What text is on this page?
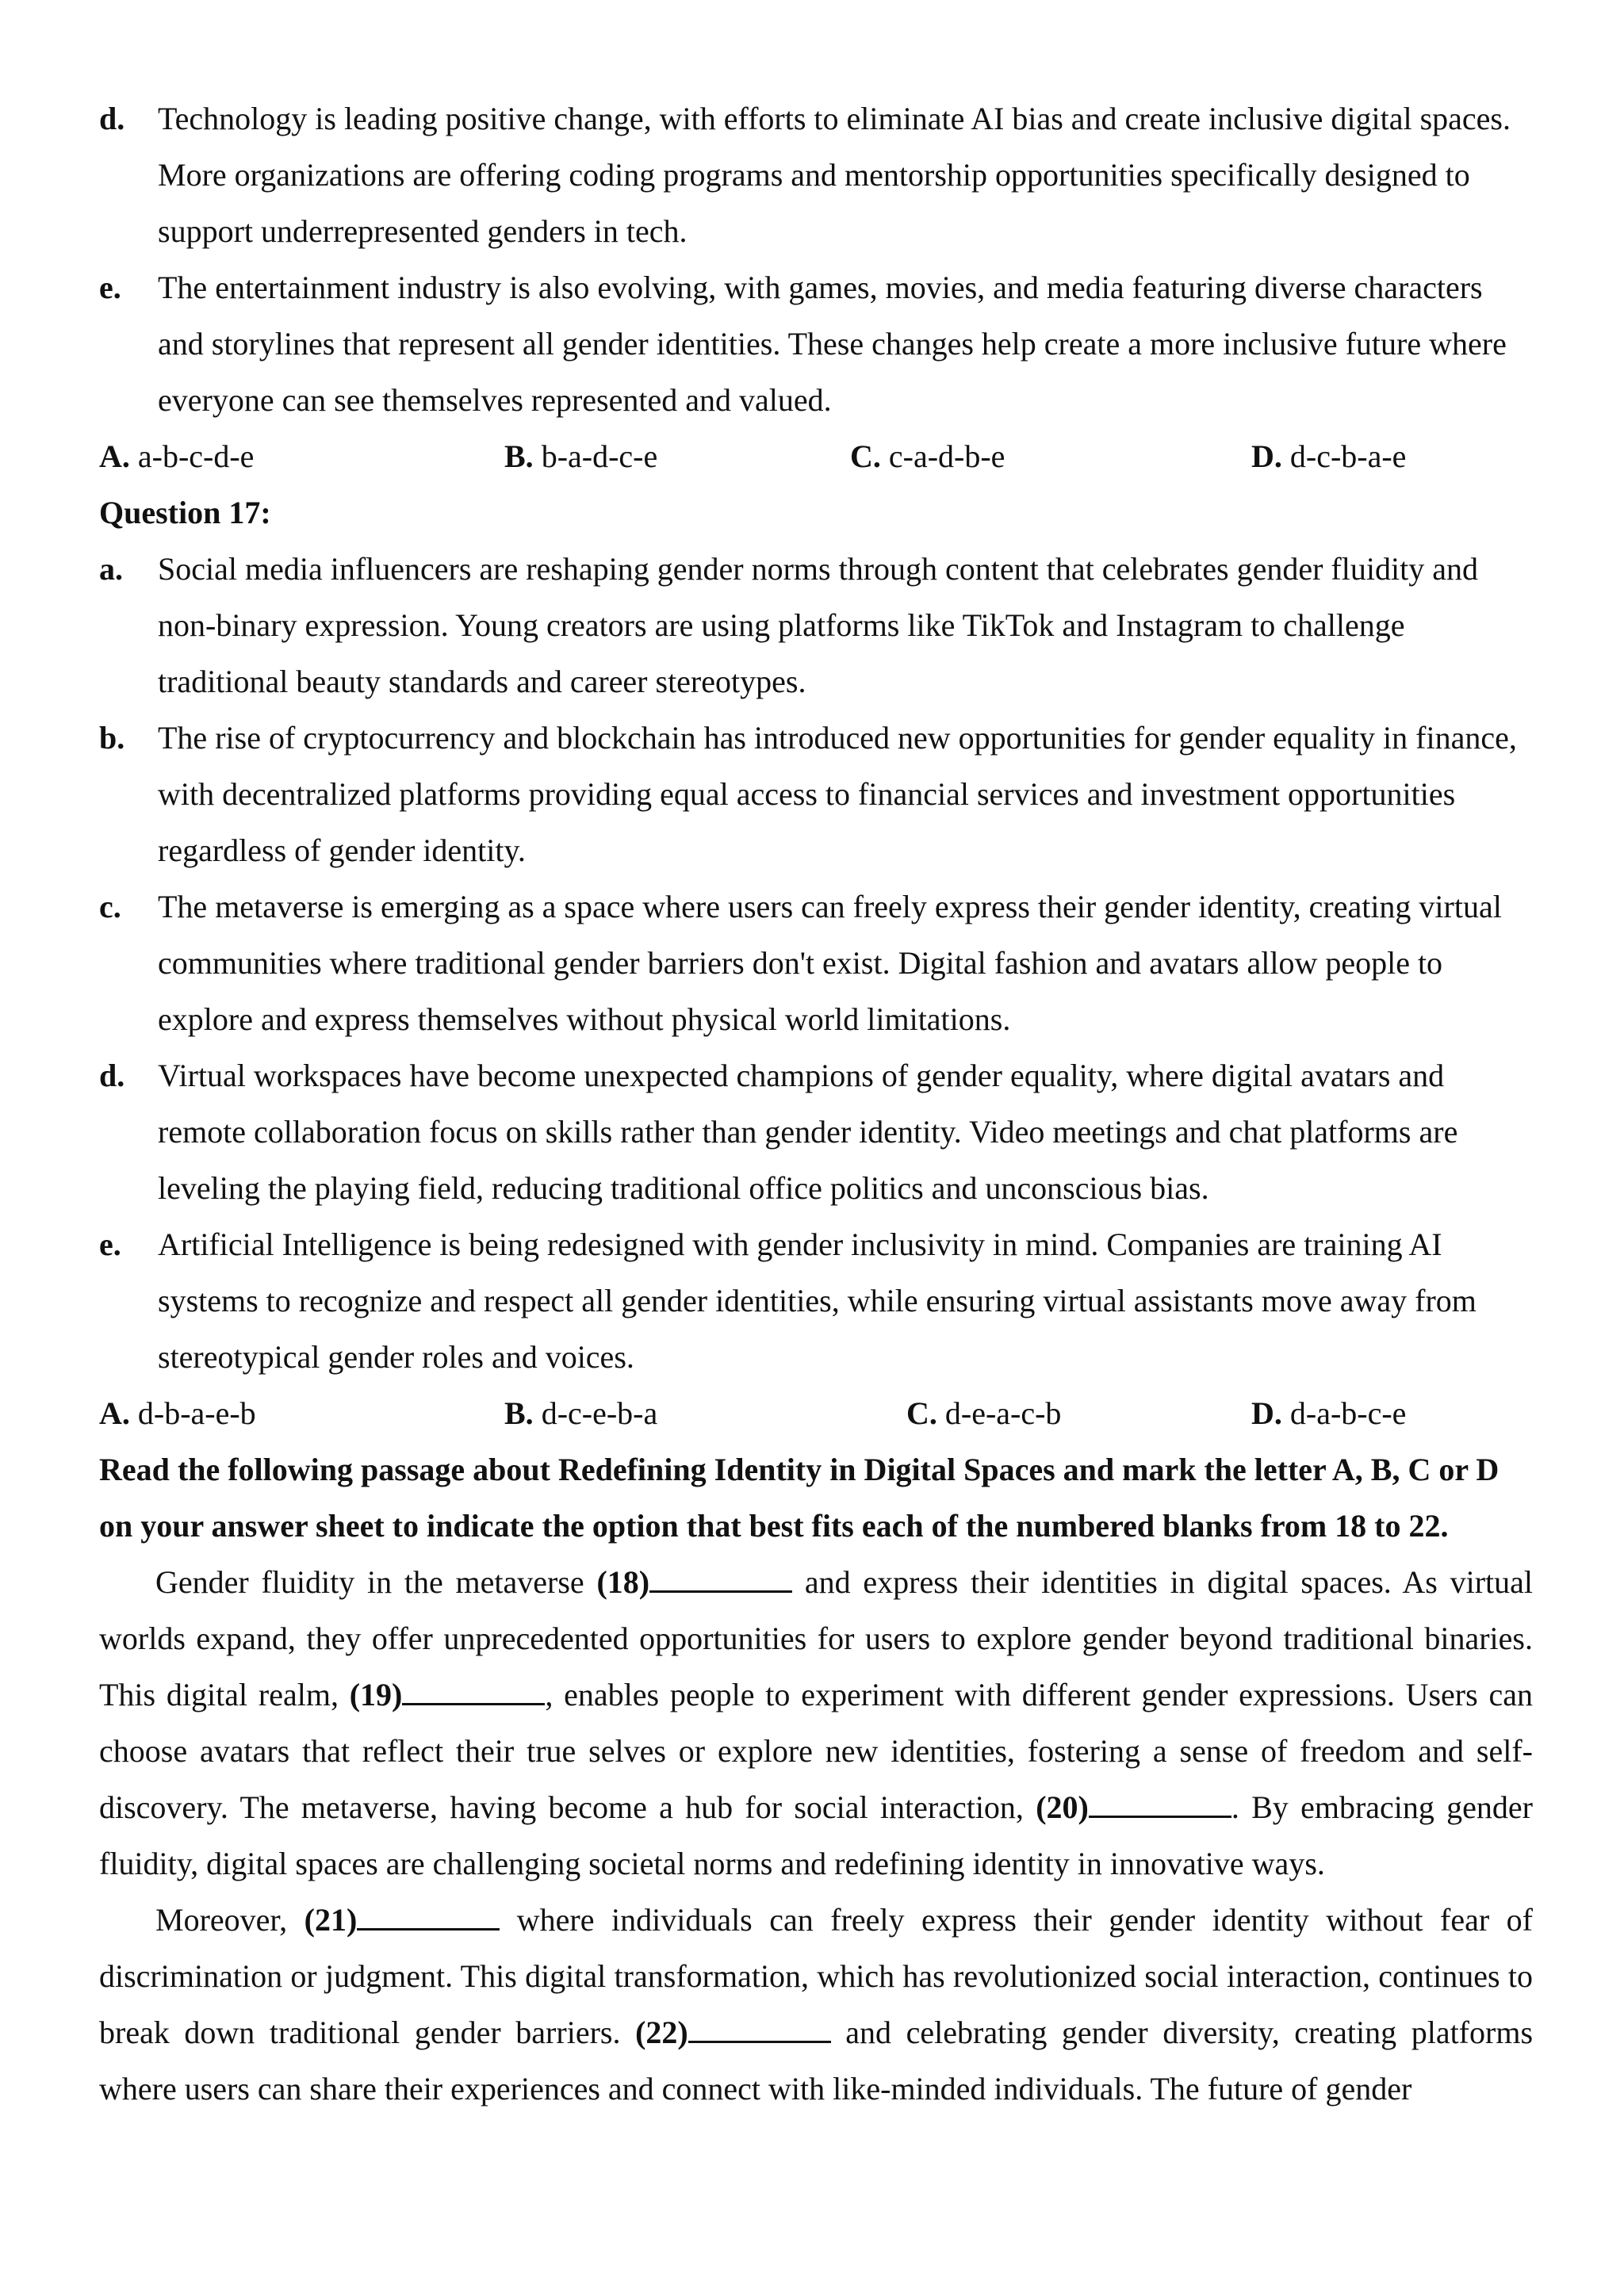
d. Technology is leading positive change, with efforts to eliminate AI bias and create inclusive digital spaces. More organizations are offering coding programs and mentorship opportunities specifically designed to support underrepresented genders in tech.
e. The entertainment industry is also evolving, with games, movies, and media featuring diverse characters and storylines that represent all gender identities. These changes help create a more inclusive future where everyone can see themselves represented and valued.
A. a-b-c-d-e	B. b-a-d-c-e	C. c-a-d-b-e	D. d-c-b-a-e
Question 17:
a. Social media influencers are reshaping gender norms through content that celebrates gender fluidity and non-binary expression. Young creators are using platforms like TikTok and Instagram to challenge traditional beauty standards and career stereotypes.
b. The rise of cryptocurrency and blockchain has introduced new opportunities for gender equality in finance, with decentralized platforms providing equal access to financial services and investment opportunities regardless of gender identity.
c. The metaverse is emerging as a space where users can freely express their gender identity, creating virtual communities where traditional gender barriers don't exist. Digital fashion and avatars allow people to explore and express themselves without physical world limitations.
d. Virtual workspaces have become unexpected champions of gender equality, where digital avatars and remote collaboration focus on skills rather than gender identity. Video meetings and chat platforms are leveling the playing field, reducing traditional office politics and unconscious bias.
e. Artificial Intelligence is being redesigned with gender inclusivity in mind. Companies are training AI systems to recognize and respect all gender identities, while ensuring virtual assistants move away from stereotypical gender roles and voices.
A. d-b-a-e-b	B. d-c-e-b-a	C. d-e-a-c-b	D. d-a-b-c-e
Read the following passage about Redefining Identity in Digital Spaces and mark the letter A, B, C or D on your answer sheet to indicate the option that best fits each of the numbered blanks from 18 to 22.
Gender fluidity in the metaverse (18)	and express their identities in digital spaces. As virtual worlds expand, they offer unprecedented opportunities for users to explore gender beyond traditional binaries. This digital realm, (19)	, enables people to experiment with different gender expressions. Users can choose avatars that reflect their true selves or explore new identities, fostering a sense of freedom and self-discovery. The metaverse, having become a hub for social interaction, (20)	. By embracing gender fluidity, digital spaces are challenging societal norms and redefining identity in innovative ways.
Moreover, (21)	where individuals can freely express their gender identity without fear of discrimination or judgment. This digital transformation, which has revolutionized social interaction, continues to break down traditional gender barriers. (22)	and celebrating gender diversity, creating platforms where users can share their experiences and connect with like-minded individuals. The future of gender
